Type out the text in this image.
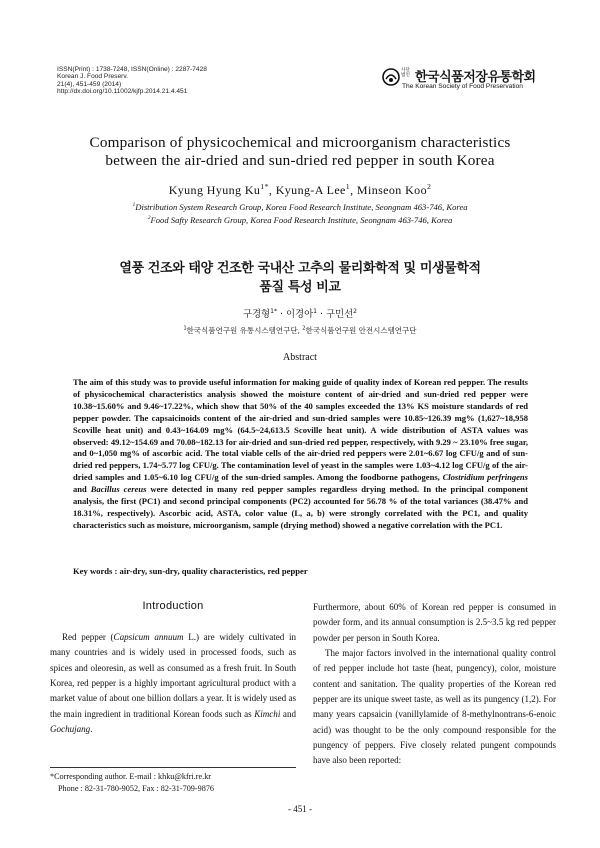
ISSN(Print) : 1738-7248, ISSN(Online) : 2287-7428
Korean J. Food Preserv.
21(4), 451-459 (2014)
http://dx.doi.org/10.11002/kjfp.2014.21.4.451
사단 법인 한국식품저장유통학회
The Korean Society of Food Preservation
Comparison of physicochemical and microorganism characteristics
between the air-dried and sun-dried red pepper in south Korea
Kyung Hyung $Ku^{1*}$, Kyung-A Lee$^1$, Minseon Koo$^2$
$^1$Distribution System Research Group, Korea Food Research Institute, Seongnam 463-746, Korea
$^2$Food Safty Research Group, Korea Food Research Institute, Seongnam 463-746, Korea
열풍 건조와 태양 건조한 국내산 고추의 물리화학적 및 미생물학적
품질 특성 비교
구경형$^{1*}$ · 이경아$^1$ · 구민선$^2$
$^1$한국식품연구원 유통시스템연구단, $^2$한국식품연구원 안전시스템연구단
Abstract
The aim of this study was to provide useful information for making guide of quality index of Korean red pepper. The results of physicochemical characteristics analysis showed the moisture content of air-dried and sun-dried red pepper were 10.38~15.60% and 9.46~17.22%, which show that 50% of the 40 samples exceeded the 13% KS moisture standards of red pepper powder. The capsaicinoids content of the air-dried and sun-dried samples were 10.85~126.39 mg% (1,627~18,958 Scoville heat unit) and 0.43~164.09 mg% (64.5~24,613.5 Scoville heat unit). A wide distribution of ASTA values was observed: 49.12~154.69 and 70.08~182.13 for air-dried and sun-dried red pepper, respectively, with 9.29 ~ 23.10% free sugar, and 0~1,050 mg% of ascorbic acid. The total viable cells of the air-dried red peppers were 2.01~6.67 log CFU/g and of sun-dried red peppers, 1.74~5.77 log CFU/g. The contamination level of yeast in the samples were 1.03~4.12 log CFU/g of the air-dried samples and 1.05~6.10 log CFU/g of the sun-dried samples. Among the foodborne pathogens, Clostridium perfringens and Bacillus cereus were detected in many red pepper samples regardless drying method. In the principal component analysis, the first (PC1) and second principal components (PC2) accounted for 56.78 % of the total variances (38.47% and 18.31%, respectively). Ascorbic acid, ASTA, color value (L, a, b) were strongly correlated with the PC1, and quality characteristics such as moisture, microorganism, sample (drying method) showed a negative correlation with the PC1.
Key words : air-dry, sun-dry, quality characteristics, red pepper
Introduction

Red pepper (Capsicum annuum L.) are widely cultivated in many countries and is widely used in processed foods, such as spices and oleoresin, as well as consumed as a fresh fruit. In South Korea, red pepper is a highly important agricultural product with a market value of about one billion dollars a year. It is widely used as the main ingredient in traditional Korean foods such as Kimchi and Gochujang.

Furthermore, about 60% of Korean red pepper is consumed in powder form, and its annual consumption is 2.5~3.5 kg red pepper powder per person in South Korea.

The major factors involved in the international quality control of red pepper include hot taste (heat, pungency), color, moisture content and sanitation. The quality properties of the Korean red pepper are its unique sweet taste, as well as its pungency (1,2). For many years capsaicin (vanillylamide of 8-methylnontrans-6-enoic acid) was thought to be the only compound responsible for the pungency of peppers. Five closely related pungent compounds have also been reported:

*Corresponding author. E-mail : khku@kfri.re.kr
Phone : 82-31-780-9052, Fax : 82-31-709-9876
- 451 -
